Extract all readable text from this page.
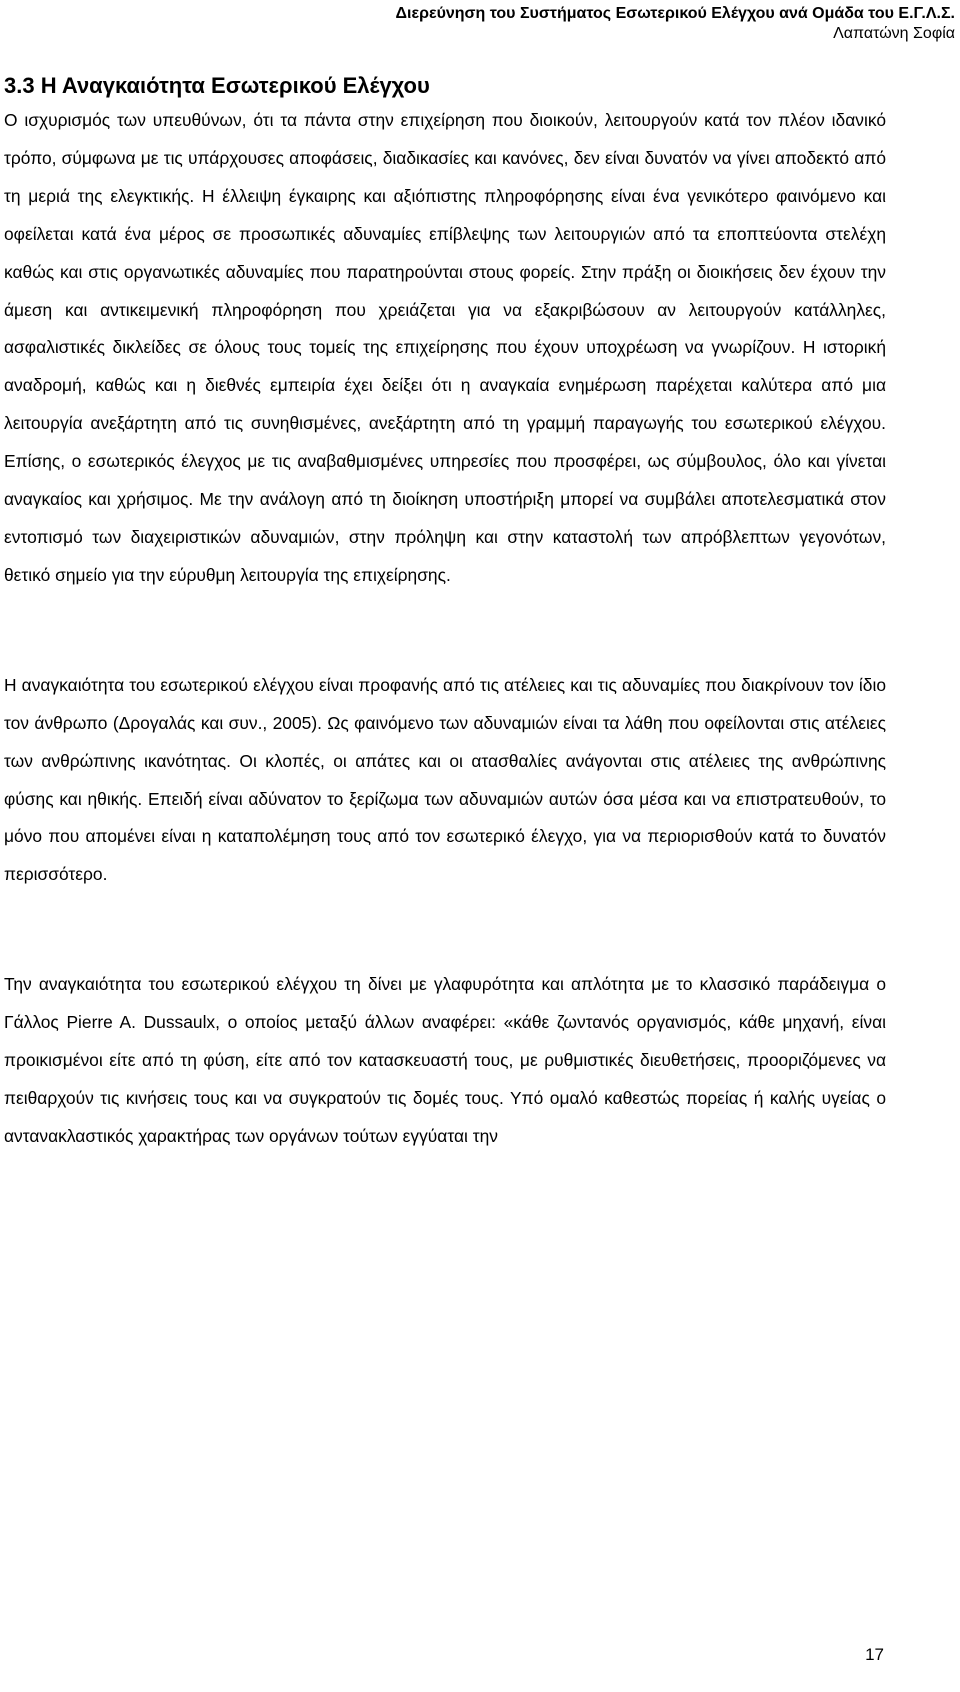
Διερεύνηση του Συστήματος Εσωτερικού Ελέγχου ανά Ομάδα του Ε.Γ.Λ.Σ.
Λαπατώνη Σοφία
3.3 Η Αναγκαιότητα Εσωτερικού Ελέγχου

Ο ισχυρισμός των υπευθύνων, ότι τα πάντα στην επιχείρηση που διοικούν, λειτουργούν κατά τον πλέον ιδανικό τρόπο, σύμφωνα με τις υπάρχουσες αποφάσεις, διαδικασίες και κανόνες, δεν είναι δυνατόν να γίνει αποδεκτό από τη μεριά της ελεγκτικής. Η έλλειψη έγκαιρης και αξιόπιστης πληροφόρησης είναι ένα γενικότερο φαινόμενο και οφείλεται κατά ένα μέρος σε προσωπικές αδυναμίες επίβλεψης των λειτουργιών από τα εποπτεύοντα στελέχη καθώς και στις οργανωτικές αδυναμίες που παρατηρούνται στους φορείς. Στην πράξη οι διοικήσεις δεν έχουν την άμεση και αντικειμενική πληροφόρηση που χρειάζεται για να εξακριβώσουν αν λειτουργούν κατάλληλες, ασφαλιστικές δικλείδες σε όλους τους τομείς της επιχείρησης που έχουν υποχρέωση να γνωρίζουν. Η ιστορική αναδρομή, καθώς και η διεθνές εμπειρία έχει δείξει ότι η αναγκαία ενημέρωση παρέχεται καλύτερα από μια λειτουργία ανεξάρτητη από τις συνηθισμένες, ανεξάρτητη από τη γραμμή παραγωγής του εσωτερικού ελέγχου. Επίσης, ο εσωτερικός έλεγχος με τις αναβαθμισμένες υπηρεσίες που προσφέρει, ως σύμβουλος, όλο και γίνεται αναγκαίος και χρήσιμος. Με την ανάλογη από τη διοίκηση υποστήριξη μπορεί να συμβάλει αποτελεσματικά στον εντοπισμό των διαχειριστικών αδυναμιών, στην πρόληψη και στην καταστολή των απρόβλεπτων γεγονότων, θετικό σημείο για την εύρυθμη λειτουργία της επιχείρησης.

Η αναγκαιότητα του εσωτερικού ελέγχου είναι προφανής από τις ατέλειες και τις αδυναμίες που διακρίνουν τον ίδιο τον άνθρωπο (Δρογαλάς και συν., 2005). Ως φαινόμενο των αδυναμιών είναι τα λάθη που οφείλονται στις ατέλειες των ανθρώπινης ικανότητας. Οι κλοπές, οι απάτες και οι ατασθαλίες ανάγονται στις ατέλειες της ανθρώπινης φύσης και ηθικής. Επειδή είναι αδύνατον το ξερίζωμα των αδυναμιών αυτών όσα μέσα και να επιστρατευθούν, το μόνο που απομένει είναι η καταπολέμηση τους από τον εσωτερικό έλεγχο, για να περιορισθούν κατά το δυνατόν περισσότερο.

Την αναγκαιότητα του εσωτερικού ελέγχου τη δίνει με γλαφυρότητα και απλότητα με το κλασσικό παράδειγμα ο Γάλλος Pierre A. Dussaulx, ο οποίος μεταξύ άλλων αναφέρει: «κάθε ζωντανός οργανισμός, κάθε μηχανή, είναι προικισμένοι είτε από τη φύση, είτε από τον κατασκευαστή τους, με ρυθμιστικές διευθετήσεις, προοριζόμενες να πειθαρχούν τις κινήσεις τους και να συγκρατούν τις δομές τους. Υπό ομαλό καθεστώς πορείας ή καλής υγείας ο αντανακλαστικός χαρακτήρας των οργάνων τούτων εγγύαται την

17
